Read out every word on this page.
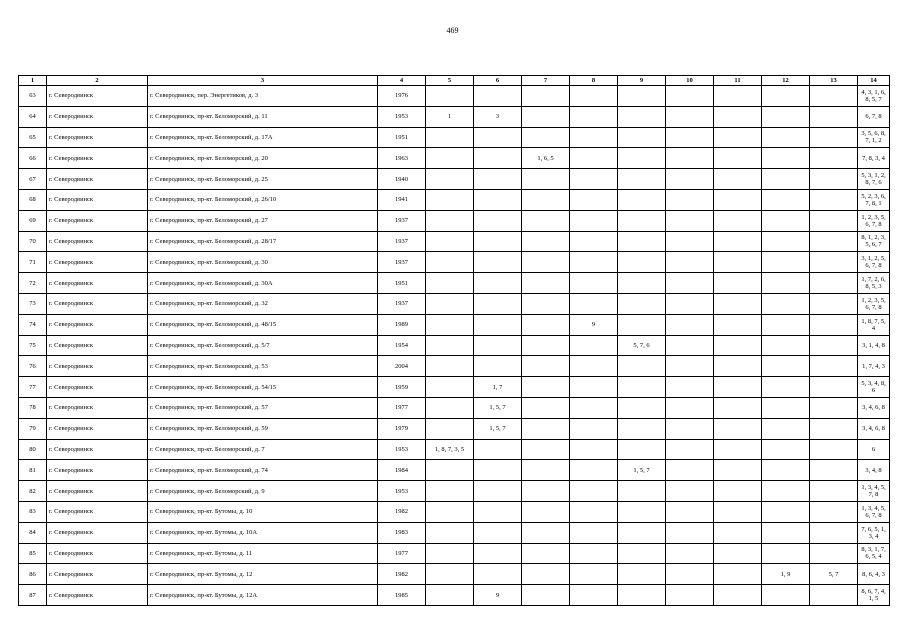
469
1	2	3	4	5	6	7	8	9	10	11	12	13	14
63	г. Северодвинск	г. Северодвинск, пер. Энергетиков, д. 3	1976										4, 3, 1, 6, 8, 5, 7
64	г. Северодвинск	г. Северодвинск, пр-кт. Беломорский, д. 11	1953	1	3								6, 7, 8
65	г. Северодвинск	г. Северодвинск, пр-кт. Беломорский, д. 17А	1951										3, 5, 6, 8, 7, 1, 2
66	г. Северодвинск	г. Северодвинск, пр-кт. Беломорский, д. 20	1963			1, 6, 5							7, 8, 3, 4
67	г. Северодвинск	г. Северодвинск, пр-кт. Беломорский, д. 25	1940										5, 3, 1, 2, 8, 7, 6
68	г. Северодвинск	г. Северодвинск, пр-кт. Беломорский, д. 26/10	1941										5, 2, 3, 6, 7, 8, 1
69	г. Северодвинск	г. Северодвинск, пр-кт. Беломорский, д. 27	1937										1, 2, 3, 5, 6, 7, 8
70	г. Северодвинск	г. Северодвинск, пр-кт. Беломорский, д. 28/17	1937										8, 1, 2, 3, 5, 6, 7
71	г. Северодвинск	г. Северодвинск, пр-кт. Беломорский, д. 30	1937										3, 1, 2, 5, 6, 7, 8
72	г. Северодвинск	г. Северодвинск, пр-кт. Беломорский, д. 30А	1951										1, 7, 2, 6, 8, 5, 3
73	г. Северодвинск	г. Северодвинск, пр-кт. Беломорский, д. 32	1937										1, 2, 3, 5, 6, 7, 8
74	г. Северодвинск	г. Северодвинск, пр-кт. Беломорский, д. 48/15	1989				9						1, 8, 7, 5, 4
75	г. Северодвинск	г. Северодвинск, пр-кт. Беломорский, д. 5/7	1954					5, 7, 6					3, 1, 4, 8
76	г. Северодвинск	г. Северодвинск, пр-кт. Беломорский, д. 53	2004										1, 7, 4, 3
77	г. Северодвинск	г. Северодвинск, пр-кт. Беломорский, д. 54/15	1959		1, 7								5, 3, 4, 8, 6
78	г. Северодвинск	г. Северодвинск, пр-кт. Беломорский, д. 57	1977		1, 5, 7								3, 4, 6, 8
79	г. Северодвинск	г. Северодвинск, пр-кт. Беломорский, д. 59	1979		1, 5, 7								3, 4, 6, 8
80	г. Северодвинск	г. Северодвинск, пр-кт. Беломорский, д. 7	1953	1, 8, 7, 3, 5									6
81	г. Северодвинск	г. Северодвинск, пр-кт. Беломорский, д. 74	1984					1, 5, 7					3, 4, 8
82	г. Северодвинск	г. Северодвинск, пр-кт. Беломорский, д. 9	1953										1, 3, 4, 5, 7, 8
83	г. Северодвинск	г. Северодвинск, пр-кт. Бутомы, д. 10	1982										1, 3, 4, 5, 6, 7, 8
84	г. Северодвинск	г. Северодвинск, пр-кт. Бутомы, д. 10А	1983										7, 6, 5, 1, 3, 4
85	г. Северодвинск	г. Северодвинск, пр-кт. Бутомы, д. 11	1977										8, 3, 1, 7, 6, 5, 4
86	г. Северодвинск	г. Северодвинск, пр-кт. Бутомы, д. 12	1982								1, 9	5, 7	8, 6, 4, 3
87	г. Северодвинск	г. Северодвинск, пр-кт. Бутомы, д. 12А	1985		9								8, 6, 7, 4, 1, 5
